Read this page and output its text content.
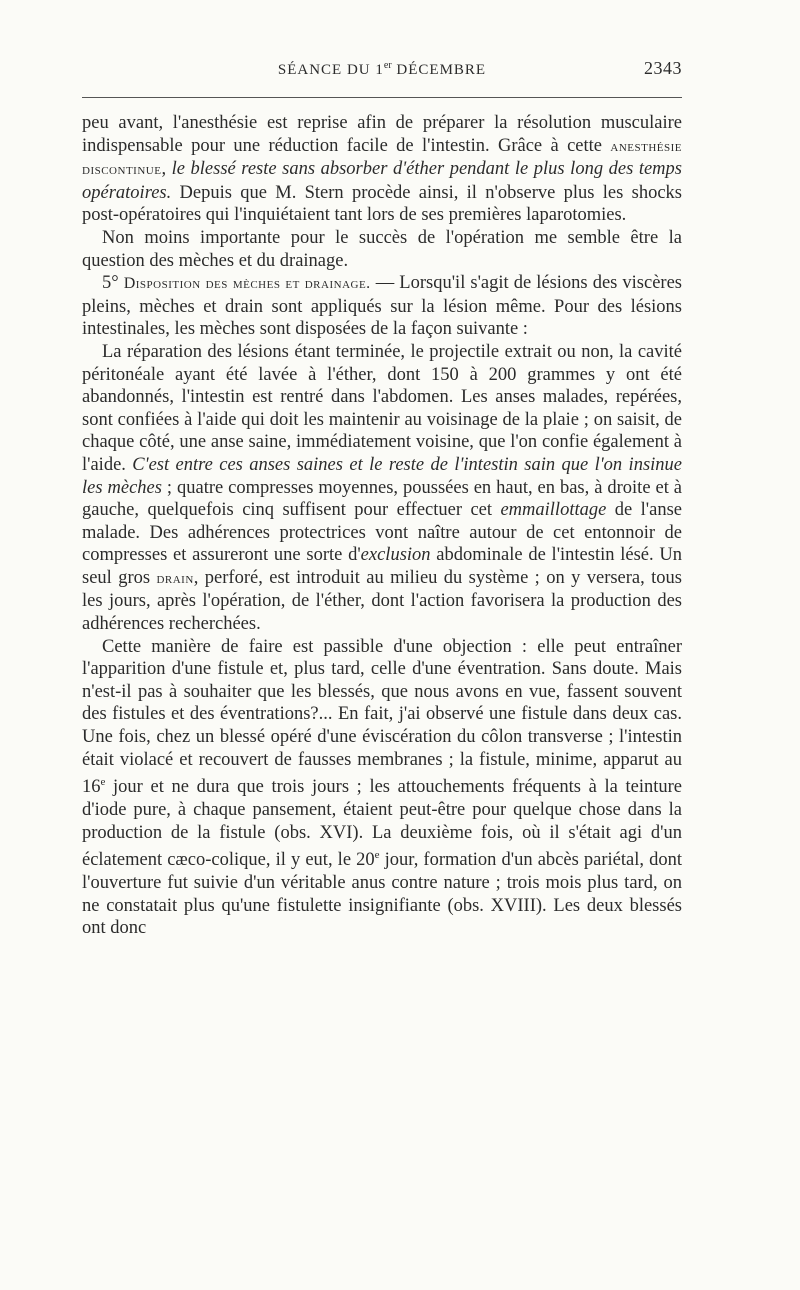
SÉANCE DU 1er DÉCEMBRE	2343

peu avant, l'anesthésie est reprise afin de préparer la résolution musculaire indispensable pour une réduction facile de l'intestin. Grâce à cette anesthésie discontinue, le blessé reste sans absorber d'éther pendant le plus long des temps opératoires. Depuis que M. Stern procède ainsi, il n'observe plus les shocks post-opératoires qui l'inquiétaient tant lors de ses premières laparotomies.

Non moins importante pour le succès de l'opération me semble être la question des mèches et du drainage.

5° Disposition des mèches et drainage. — Lorsqu'il s'agit de lésions des viscères pleins, mèches et drain sont appliqués sur la lésion même. Pour des lésions intestinales, les mèches sont disposées de la façon suivante :

La réparation des lésions étant terminée, le projectile extrait ou non, la cavité péritonéale ayant été lavée à l'éther, dont 150 à 200 grammes y ont été abandonnés, l'intestin est rentré dans l'abdomen. Les anses malades, repérées, sont confiées à l'aide qui doit les maintenir au voisinage de la plaie ; on saisit, de chaque côté, une anse saine, immédiatement voisine, que l'on confie également à l'aide. C'est entre ces anses saines et le reste de l'intestin sain que l'on insinue les mèches ; quatre compresses moyennes, poussées en haut, en bas, à droite et à gauche, quelquefois cinq suffisent pour effectuer cet emmaillottage de l'anse malade. Des adhérences protectrices vont naître autour de cet entonnoir de compresses et assureront une sorte d'exclusion abdominale de l'intestin lésé. Un seul gros drain, perforé, est introduit au milieu du système ; on y versera, tous les jours, après l'opération, de l'éther, dont l'action favorisera la production des adhérences recherchées.

Cette manière de faire est passible d'une objection : elle peut entraîner l'apparition d'une fistule et, plus tard, celle d'une éventration. Sans doute. Mais n'est-il pas à souhaiter que les blessés, que nous avons en vue, fassent souvent des fistules et des éventrations?... En fait, j'ai observé une fistule dans deux cas. Une fois, chez un blessé opéré d'une éviscération du côlon transverse ; l'intestin était violacé et recouvert de fausses membranes ; la fistule, minime, apparut au 16e jour et ne dura que trois jours ; les attouchements fréquents à la teinture d'iode pure, à chaque pansement, étaient peut-être pour quelque chose dans la production de la fistule (obs. XVI). La deuxième fois, où il s'était agi d'un éclatement cæco-colique, il y eut, le 20e jour, formation d'un abcès pariétal, dont l'ouverture fut suivie d'un véritable anus contre nature ; trois mois plus tard, on ne constatait plus qu'une fistulette insignifiante (obs. XVIII). Les deux blessés ont donc
